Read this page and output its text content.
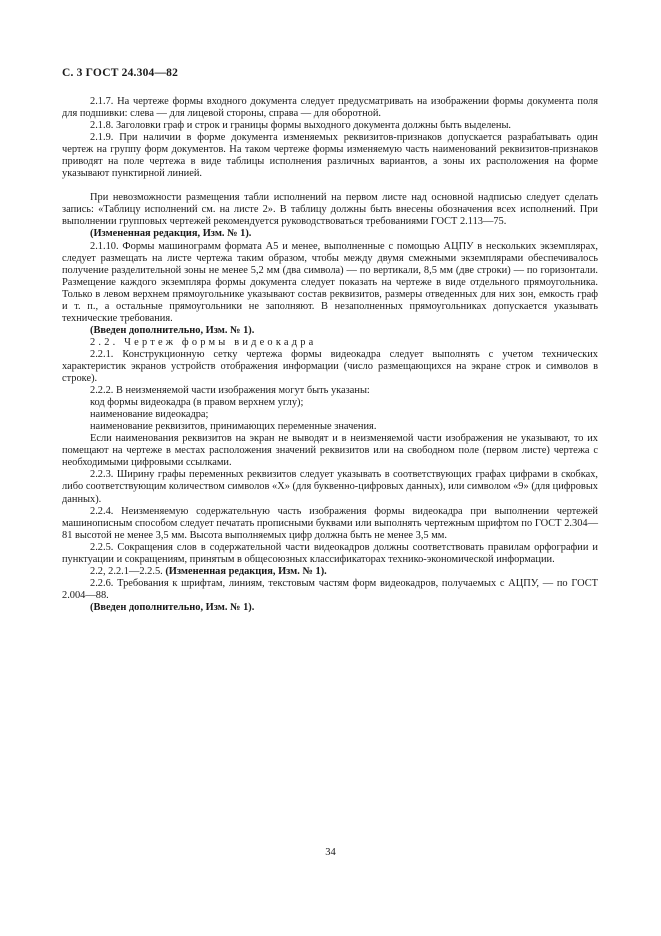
С. 3 ГОСТ 24.304—82

2.1.7. На чертеже формы входного документа следует предусматривать на изображении формы документа поля для подшивки: слева — для лицевой стороны, справа — для оборотной.

2.1.8. Заголовки граф и строк и границы формы выходного документа должны быть выделены.

2.1.9. При наличии в форме документа изменяемых реквизитов-признаков допускается разрабатывать один чертеж на группу форм документов. На таком чертеже формы изменяемую часть наименований реквизитов-признаков приводят на поле чертежа в виде таблицы исполнения различных вариантов, а зоны их расположения на форме указывают пунктирной линией.

При невозможности размещения табли исполнений на первом листе над основной надписью следует сделать запись: «Таблицу исполнений см. на листе 2». В таблицу должны быть внесены обозначения всех исполнений. При выполнении групповых чертежей рекомендуется руководствоваться требованиями ГОСТ 2.113—75.

(Измененная редакция, Изм. № 1).

2.1.10. Формы машинограмм формата А5 и менее, выполненные с помощью АЦПУ в нескольких экземплярах, следует размещать на листе чертежа таким образом, чтобы между двумя смежными экземплярами обеспечивалось получение разделительной зоны не менее 5,2 мм (два символа) — по вертикали, 8,5 мм (две строки) — по горизонтали. Размещение каждого экземпляра формы документа следует показать на чертеже в виде отдельного прямоугольника. Только в левом верхнем прямоугольнике указывают состав реквизитов, размеры отведенных для них зон, емкость граф и т. п., а остальные прямоугольники не заполняют. В незаполненных прямоугольниках допускается указывать технические требования.

(Введен дополнительно, Изм. № 1).

2.2. Чертеж формы видеокадра

2.2.1. Конструкционную сетку чертежа формы видеокадра следует выполнять с учетом технических характеристик экранов устройств отображения информации (число размещающихся на экране строк и символов в строке).

2.2.2. В неизменяемой части изображения могут быть указаны:

код формы видеокадра (в правом верхнем углу);

наименование видеокадра;

наименование реквизитов, принимающих переменные значения.

Если наименования реквизитов на экран не выводят и в неизменяемой части изображения не указывают, то их помещают на чертеже в местах расположения значений реквизитов или на свободном поле (первом листе) чертежа с необходимыми цифровыми ссылками.

2.2.3. Ширину графы переменных реквизитов следует указывать в соответствующих графах цифрами в скобках, либо соответствующим количеством символов «Х» (для буквенно-цифровых данных), или символом «9» (для цифровых данных).

2.2.4. Неизменяемую содержательную часть изображения формы видеокадра при выполнении чертежей машинописным способом следует печатать прописными буквами или выполнять чертежным шрифтом по ГОСТ 2.304—81 высотой не менее 3,5 мм. Высота выполняемых цифр должна быть не менее 3,5 мм.

2.2.5. Сокращения слов в содержательной части видеокадров должны соответствовать правилам орфографии и пунктуации и сокращениям, принятым в общесоюзных классификаторах технико-экономической информации.

2.2, 2.2.1—2.2.5. (Измененная редакция, Изм. № 1).

2.2.6. Требования к шрифтам, линиям, текстовым частям форм видеокадров, получаемых с АЦПУ, — по ГОСТ 2.004—88.

(Введен дополнительно, Изм. № 1).

34
